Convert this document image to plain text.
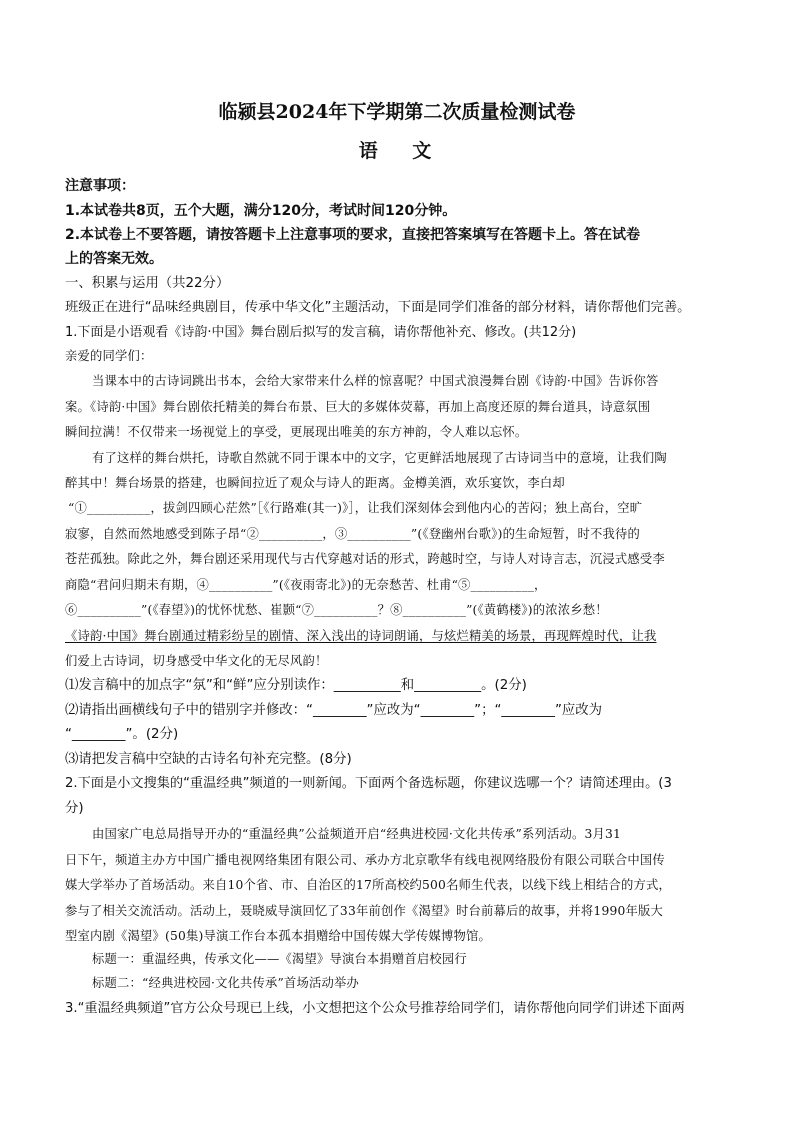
临颍县2024年下学期第二次质量检测试卷
语 文
注意事项：
1.本试卷共8页，五个大题，满分120分，考试时间120分钟。
2.本试卷上不要答题，请按答题卡上注意事项的要求，直接把答案填写在答题卡上。答在试卷
上的答案无效。
一、积累与运用（共22分）
班级正在进行“品味经典剧目，传承中华文化”主题活动，下面是同学们准备的部分材料，请你帮他们完善。
1.下面是小语观看《诗韵·中国》舞台剧后拟写的发言稿，请你帮他补充、修改。(共12分)
亲爱的同学们：
当课本中的古诗词跳出书本，会给大家带来什么样的惊喜呢？中国式浪漫舞台剧《诗韵·中国》告诉你答
案。《诗韵·中国》舞台剧依托精美的舞台布景、巨大的多媒体荧幕，再加上高度还原的舞台道具，诗意氛围
瞬间拉满！不仅带来一场视觉上的享受，更展现出唯美的东方神韵，令人难以忘怀。
有了这样的舞台烘托，诗歌自然就不同于课本中的文字，它更鲜活地展现了古诗词当中的意境，让我们陶
醉其中！舞台场景的搭建，也瞬间拉近了观众与诗人的距离。金樽美酒，欢乐宴饮，李白却
“①__________，拔剑四顾心茫然”［《行路难(其一)》］，让我们深刻体会到他内心的苦闷；独上高台，空旷
寂寥，自然而然地感受到陈子昂“②__________，③__________”(《登幽州台歌》)的生命短暂，时不我待的
苍茫孤独。除此之外，舞台剧还采用现代与古代穿越对话的形式，跨越时空，与诗人对诗言志，沉浸式感受李
商隐“君问归期未有期，④__________”(《夜雨寄北》)的无奈愁苦、杜甫“⑤__________，
⑥__________”(《春望》)的忧怀忧愁、崔颢“⑦__________？⑧__________”(《黄鹤楼》)的浓浓乡愁！
《诗韵·中国》舞台剧通过精彩纷呈的剧情、深入浅出的诗词朗诵，与炫烂精美的场景，再现辉煌时代，让我
们爱上古诗词，切身感受中华文化的无尽风韵！
⑴发言稿中的加点字“氛”和“鲜”应分别读作：__________和__________。(2分)
⑵请指出画横线句子中的错别字并修改：“________”应改为“________”；“________”应改为
“________”。(2分)
⑶请把发言稿中空缺的古诗名句补充完整。(8分)
2.下面是小文搜集的“重温经典”频道的一则新闻。下面两个备选标题，你建议选哪一个？请简述理由。(3
分)
由国家广电总局指导开办的“重温经典”公益频道开启“经典进校园·文化共传承”系列活动。3月31
日下午，频道主办方中国广播电视网络集团有限公司、承办方北京歌华有线电视网络股份有限公司联合中国传
媒大学举办了首场活动。来自10个省、市、自治区的17所高校约500名师生代表，以线下线上相结合的方式，
参与了相关交流活动。活动上，聂晓威导演回忆了33年前创作《渴望》时台前幕后的故事，并将1990年版大
型室内剧《渴望》(50集)导演工作台本孤本捐赠给中国传媒大学传媒博物馆。
标题一：重温经典，传承文化——《渴望》导演台本捐赠首启校园行
标题二：“经典进校园·文化共传承”首场活动举办
3.“重温经典频道”官方公众号现已上线，小文想把这个公众号推荐给同学们，请你帮他向同学们讲述下面两
